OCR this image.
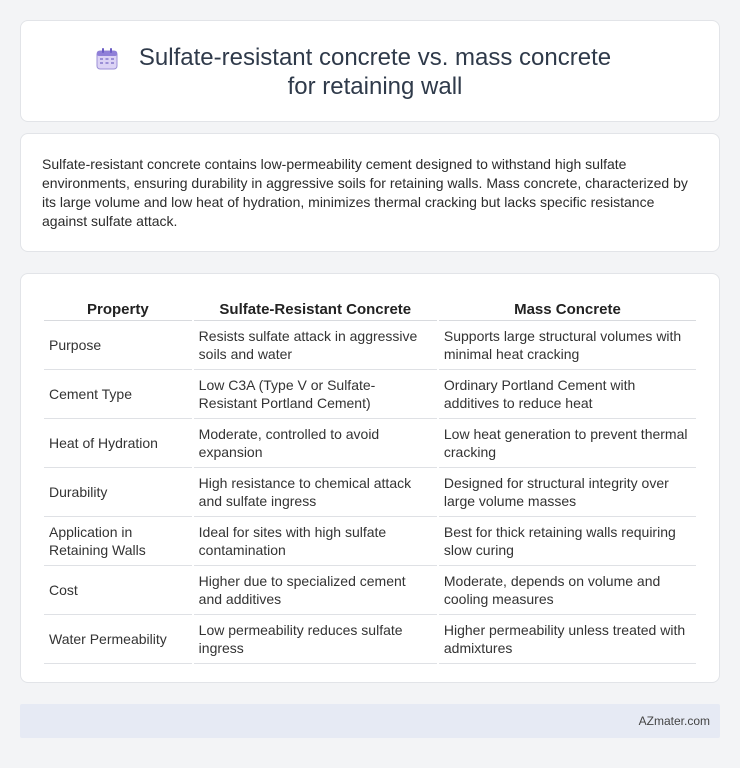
Sulfate-resistant concrete vs. mass concrete for retaining wall

Sulfate-resistant concrete contains low-permeability cement designed to withstand high sulfate environments, ensuring durability in aggressive soils for retaining walls. Mass concrete, characterized by its large volume and low heat of hydration, minimizes thermal cracking but lacks specific resistance against sulfate attack.

Property	Sulfate-Resistant Concrete	Mass Concrete
Purpose	Resists sulfate attack in aggressive soils and water	Supports large structural volumes with minimal heat cracking
Cement Type	Low C3A (Type V or Sulfate-Resistant Portland Cement)	Ordinary Portland Cement with additives to reduce heat
Heat of Hydration	Moderate, controlled to avoid expansion	Low heat generation to prevent thermal cracking
Durability	High resistance to chemical attack and sulfate ingress	Designed for structural integrity over large volume masses
Application in Retaining Walls	Ideal for sites with high sulfate contamination	Best for thick retaining walls requiring slow curing
Cost	Higher due to specialized cement and additives	Moderate, depends on volume and cooling measures
Water Permeability	Low permeability reduces sulfate ingress	Higher permeability unless treated with admixtures
AZmater.com
